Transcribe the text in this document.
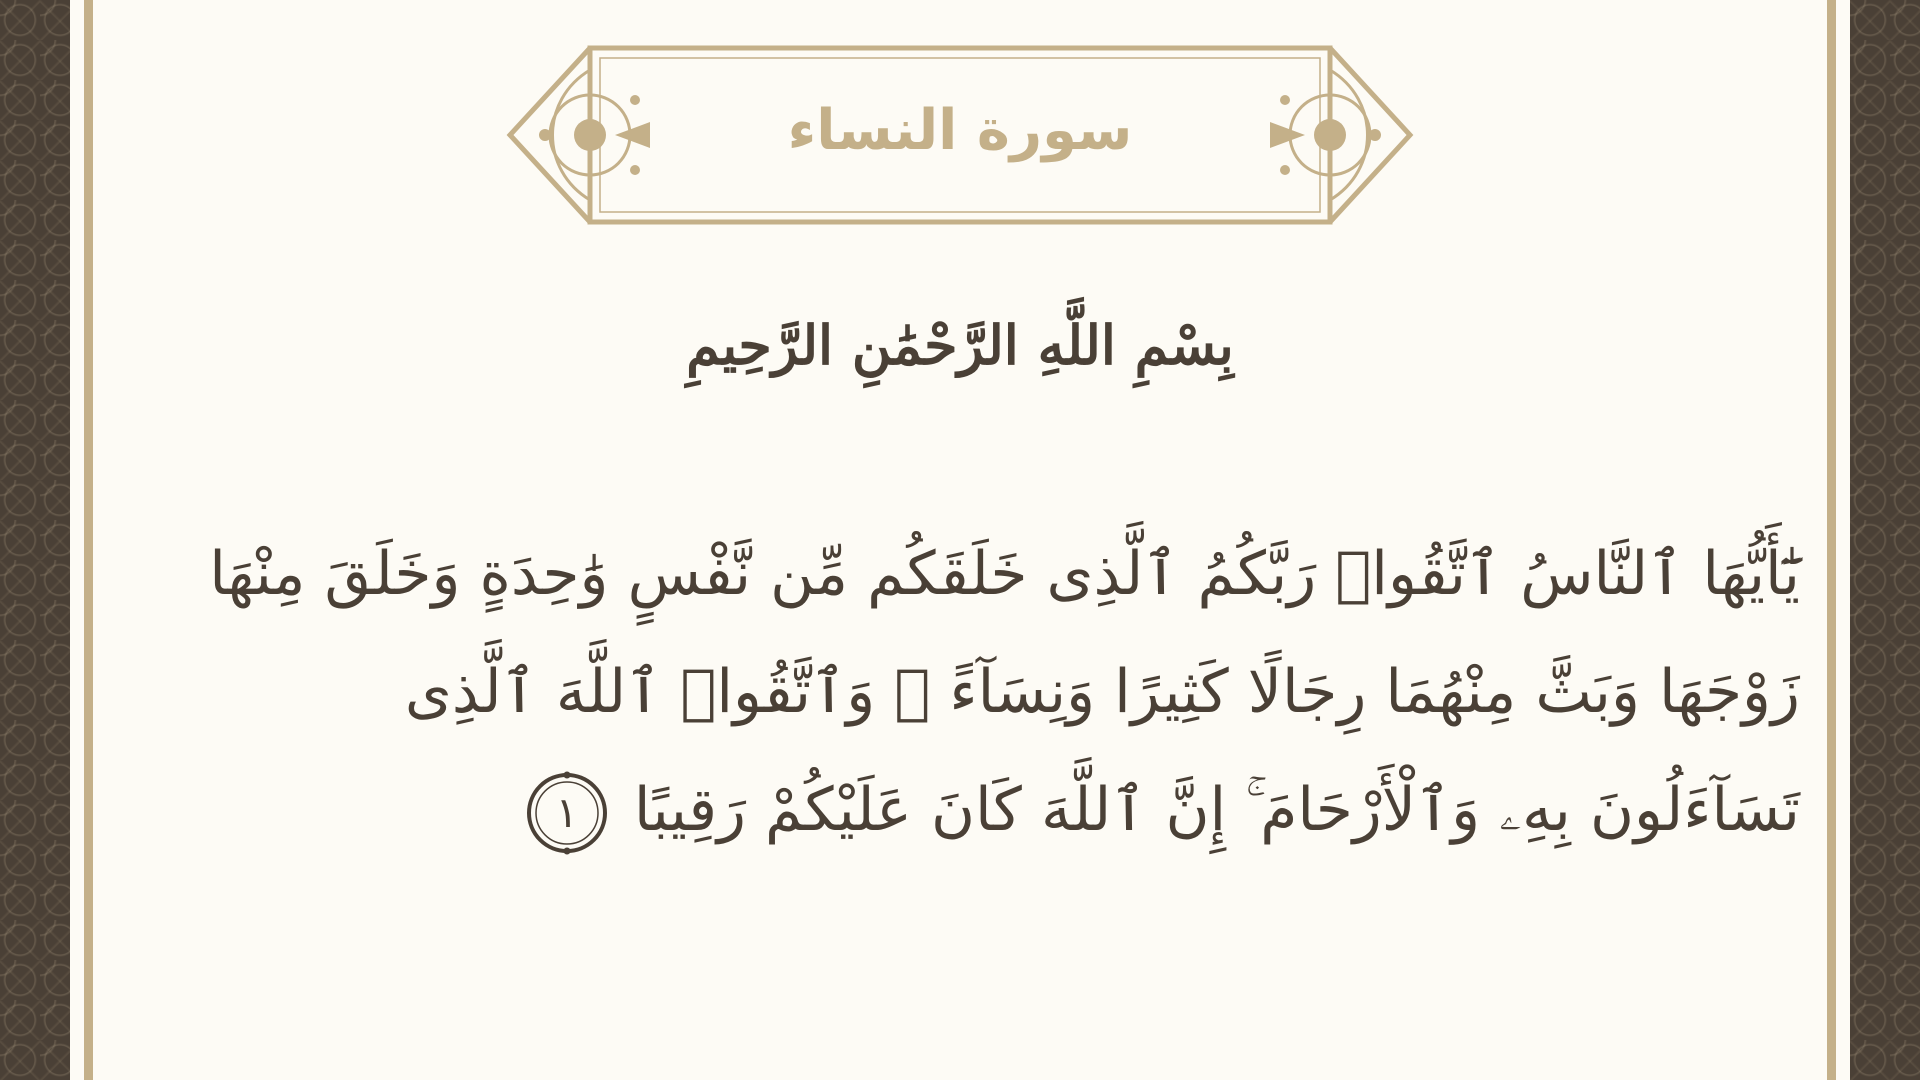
سورة النساء
بِسْمِ اللَّهِ الرَّحْمَٰنِ الرَّحِيمِ
يَٰٓأَيُّهَا ٱلنَّاسُ ٱتَّقُوا۟ رَبَّكُمُ ٱلَّذِى خَلَقَكُم مِّن نَّفْسٍ وَٰحِدَةٍ وَخَلَقَ مِنْهَا
زَوْجَهَا وَبَثَّ مِنْهُمَا رِجَالًا كَثِيرًا وَنِسَآءً ۚ وَٱتَّقُوا۟ ٱللَّهَ ٱلَّذِى
تَسَآءَلُونَ بِهِۦ وَٱلْأَرْحَامَ ۚ إِنَّ ٱللَّهَ كَانَ عَلَيْكُمْ رَقِيبًا
١
